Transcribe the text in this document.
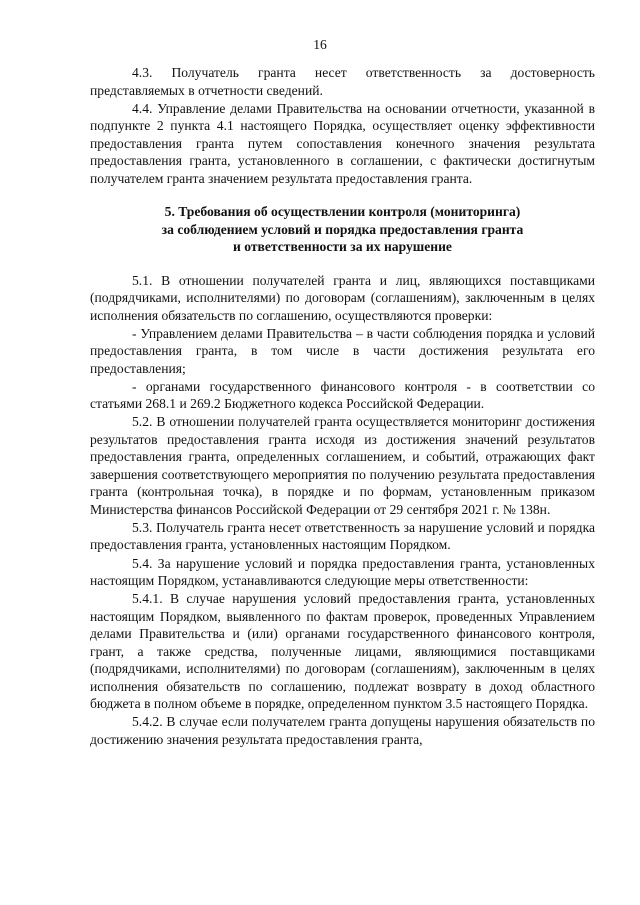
16

4.3. Получатель гранта несет ответственность за достоверность представляемых в отчетности сведений.

4.4. Управление делами Правительства на основании отчетности, указанной в подпункте 2 пункта 4.1 настоящего Порядка, осуществляет оценку эффективности предоставления гранта путем сопоставления конечного значения результата предоставления гранта, установленного в соглашении, с фактически достигнутым получателем гранта значением результата предоставления гранта.

5. Требования об осуществлении контроля (мониторинга)
за соблюдением условий и порядка предоставления гранта
и ответственности за их нарушение

5.1. В отношении получателей гранта и лиц, являющихся поставщиками (подрядчиками, исполнителями) по договорам (соглашениям), заключенным в целях исполнения обязательств по соглашению, осуществляются проверки:

- Управлением делами Правительства – в части соблюдения порядка и условий предоставления гранта, в том числе в части достижения результата его предоставления;

- органами государственного финансового контроля - в соответствии со статьями 268.1 и 269.2 Бюджетного кодекса Российской Федерации.

5.2. В отношении получателей гранта осуществляется мониторинг достижения результатов предоставления гранта исходя из достижения значений результатов предоставления гранта, определенных соглашением, и событий, отражающих факт завершения соответствующего мероприятия по получению результата предоставления гранта (контрольная точка), в порядке и по формам, установленным приказом Министерства финансов Российской Федерации от 29 сентября 2021 г. № 138н.

5.3. Получатель гранта несет ответственность за нарушение условий и порядка предоставления гранта, установленных настоящим Порядком.

5.4. За нарушение условий и порядка предоставления гранта, установленных настоящим Порядком, устанавливаются следующие меры ответственности:

5.4.1. В случае нарушения условий предоставления гранта, установленных настоящим Порядком, выявленного по фактам проверок, проведенных Управлением делами Правительства и (или) органами государственного финансового контроля, грант, а также средства, полученные лицами, являющимися поставщиками (подрядчиками, исполнителями) по договорам (соглашениям), заключенным в целях исполнения обязательств по соглашению, подлежат возврату в доход областного бюджета в полном объеме в порядке, определенном пунктом 3.5 настоящего Порядка.

5.4.2. В случае если получателем гранта допущены нарушения обязательств по достижению значения результата предоставления гранта,
